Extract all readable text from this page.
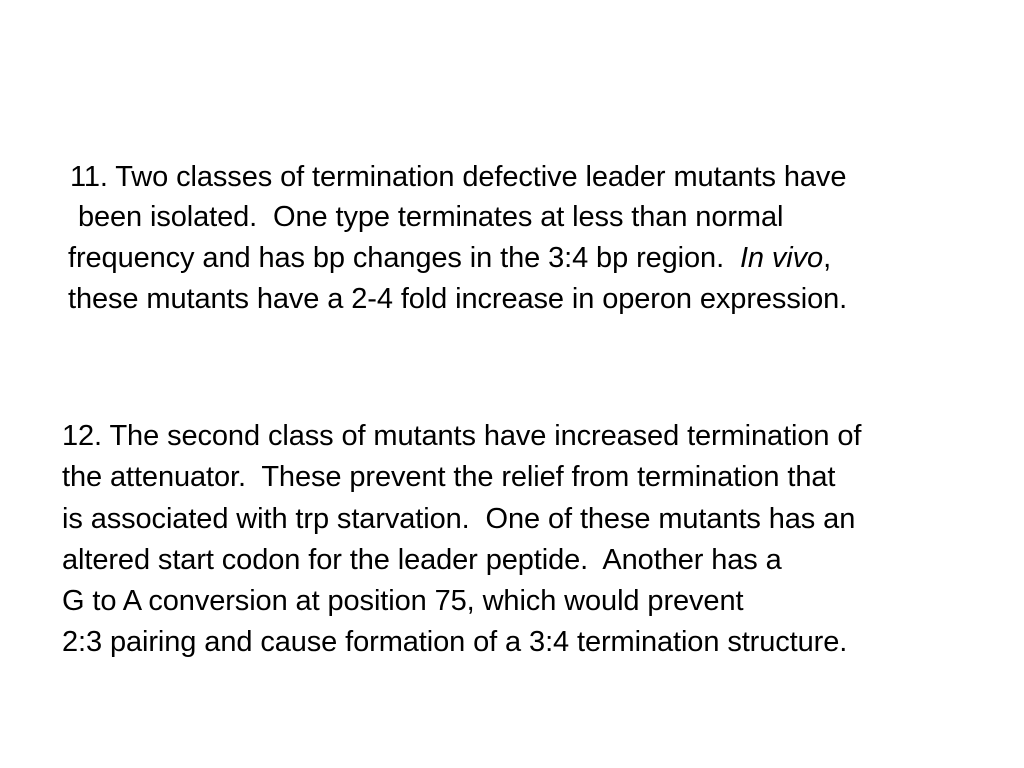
11. Two classes of termination defective leader mutants have
been isolated.  One type terminates at less than normal
frequency and has bp changes in the 3:4 bp region.  In vivo,
these mutants have a 2-4 fold increase in operon expression.
12. The second class of mutants have increased termination of
the attenuator.  These prevent the relief from termination that
is associated with trp starvation.  One of these mutants has an
altered start codon for the leader peptide.  Another has a
G to A conversion at position 75, which would prevent
2:3 pairing and cause formation of a 3:4 termination structure.
